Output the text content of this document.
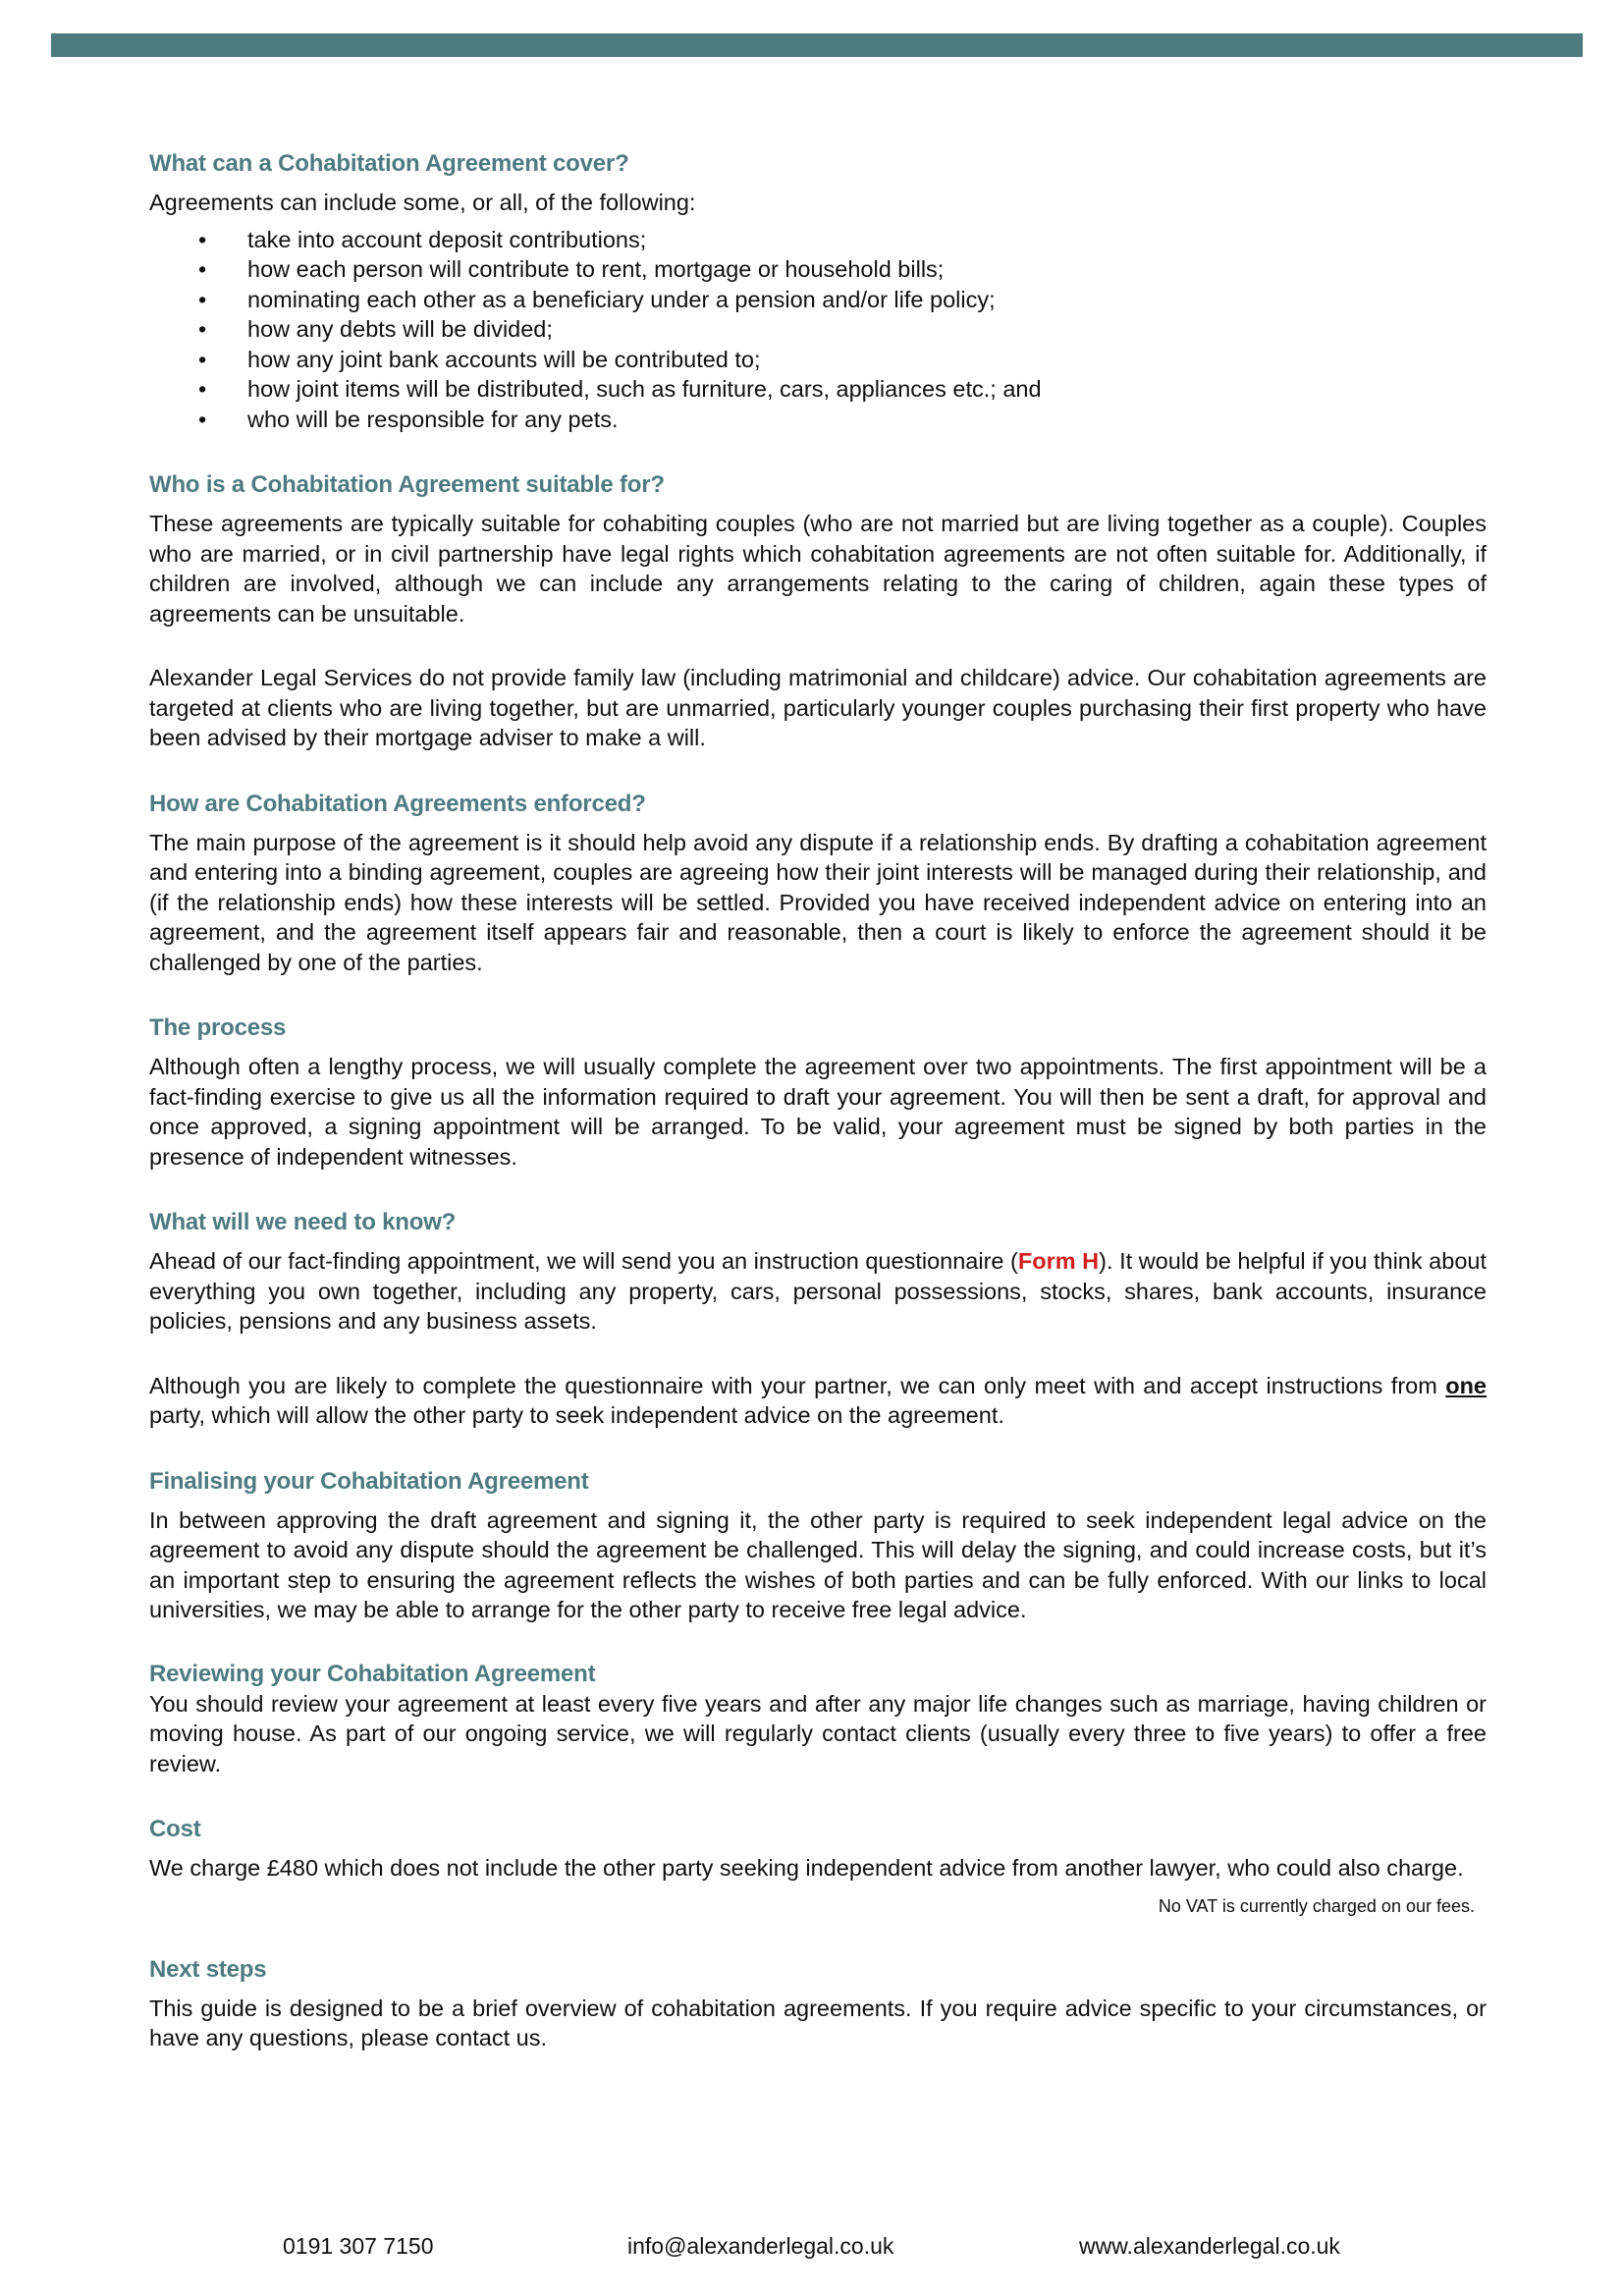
What can a Cohabitation Agreement cover?

Agreements can include some, or all, of the following:

• take into account deposit contributions;
• how each person will contribute to rent, mortgage or household bills;
• nominating each other as a beneficiary under a pension and/or life policy;
• how any debts will be divided;
• how any joint bank accounts will be contributed to;
• how joint items will be distributed, such as furniture, cars, appliances etc.; and
• who will be responsible for any pets.
Who is a Cohabitation Agreement suitable for?

These agreements are typically suitable for cohabiting couples (who are not married but are living together as a couple). Couples who are married, or in civil partnership have legal rights which cohabitation agreements are not often suitable for. Additionally, if children are involved, although we can include any arrangements relating to the caring of children, again these types of agreements can be unsuitable.

Alexander Legal Services do not provide family law (including matrimonial and childcare) advice. Our cohabitation agreements are targeted at clients who are living together, but are unmarried, particularly younger couples purchasing their first property who have been advised by their mortgage adviser to make a will.

How are Cohabitation Agreements enforced?

The main purpose of the agreement is it should help avoid any dispute if a relationship ends. By drafting a cohabitation agreement and entering into a binding agreement, couples are agreeing how their joint interests will be managed during their relationship, and (if the relationship ends) how these interests will be settled. Provided you have received independent advice on entering into an agreement, and the agreement itself appears fair and reasonable, then a court is likely to enforce the agreement should it be challenged by one of the parties.

The process

Although often a lengthy process, we will usually complete the agreement over two appointments. The first appointment will be a fact-finding exercise to give us all the information required to draft your agreement. You will then be sent a draft, for approval and once approved, a signing appointment will be arranged. To be valid, your agreement must be signed by both parties in the presence of independent witnesses.

What will we need to know?

Ahead of our fact-finding appointment, we will send you an instruction questionnaire (Form H). It would be helpful if you think about everything you own together, including any property, cars, personal possessions, stocks, shares, bank accounts, insurance policies, pensions and any business assets.

Although you are likely to complete the questionnaire with your partner, we can only meet with and accept instructions from one party, which will allow the other party to seek independent advice on the agreement.

Finalising your Cohabitation Agreement

In between approving the draft agreement and signing it, the other party is required to seek independent legal advice on the agreement to avoid any dispute should the agreement be challenged. This will delay the signing, and could increase costs, but it’s an important step to ensuring the agreement reflects the wishes of both parties and can be fully enforced. With our links to local universities, we may be able to arrange for the other party to receive free legal advice.

Reviewing your Cohabitation Agreement

You should review your agreement at least every five years and after any major life changes such as marriage, having children or moving house. As part of our ongoing service, we will regularly contact clients (usually every three to five years) to offer a free review.

Cost

We charge £480 which does not include the other party seeking independent advice from another lawyer, who could also charge.

No VAT is currently charged on our fees.
Next steps

This guide is designed to be a brief overview of cohabitation agreements. If you require advice specific to your circumstances, or have any questions, please contact us.

0191 307 7150	info@alexanderlegal.co.uk	www.alexanderlegal.co.uk
